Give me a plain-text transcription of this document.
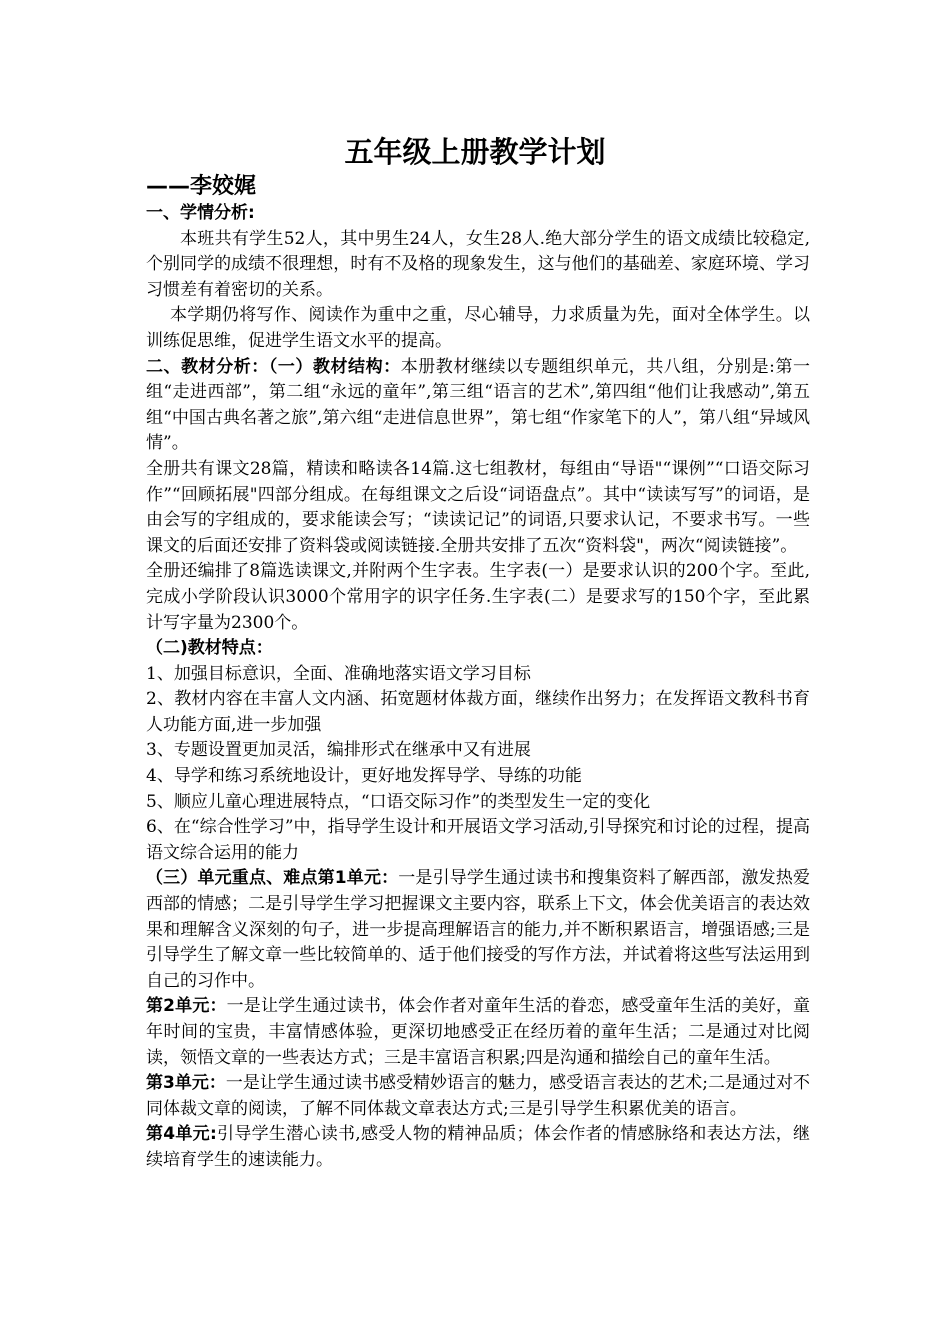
五年级上册教学计划
——李姣娓

一、学情分析:

本班共有学生52人，其中男生24人，女生28人.绝大部分学生的语文成绩比较稳定,个别同学的成绩不很理想，时有不及格的现象发生，这与他们的基础差、家庭环境、学习习惯差有着密切的关系。

本学期仍将写作、阅读作为重中之重，尽心辅导，力求质量为先，面对全体学生。以训练促思维，促进学生语文水平的提高。

二、教材分析：（一）教材结构：本册教材继续以专题组织单元，共八组，分别是:第一组“走进西部”，第二组“永远的童年”,第三组“语言的艺术”,第四组“他们让我感动”,第五组“中国古典名著之旅”,第六组“走进信息世界”，第七组“作家笔下的人”，第八组“异域风情”。

全册共有课文28篇，精读和略读各14篇.这七组教材，每组由“导语"“课例”“口语交际习作”“回顾拓展"四部分组成。在每组课文之后设“词语盘点”。其中“读读写写”的词语，是由会写的字组成的，要求能读会写；“读读记记”的词语,只要求认记，不要求书写。一些课文的后面还安排了资料袋或阅读链接.全册共安排了五次“资料袋"，两次“阅读链接”。

全册还编排了8篇选读课文,并附两个生字表。生字表(一）是要求认识的200个字。至此,完成小学阶段认识3000个常用字的识字任务.生字表(二）是要求写的150个字，至此累计写字量为2300个。

（二)教材特点：

1、加强目标意识，全面、准确地落实语文学习目标

2、教材内容在丰富人文内涵、拓宽题材体裁方面，继续作出努力；在发挥语文教科书育人功能方面,进一步加强

3、专题设置更加灵活，编排形式在继承中又有进展

4、导学和练习系统地设计，更好地发挥导学、导练的功能

5、顺应儿童心理进展特点，“口语交际习作”的类型发生一定的变化

6、在“综合性学习”中，指导学生设计和开展语文学习活动,引导探究和讨论的过程，提高语文综合运用的能力

（三）单元重点、难点第1单元：一是引导学生通过读书和搜集资料了解西部，激发热爱西部的情感；二是引导学生学习把握课文主要内容，联系上下文，体会优美语言的表达效果和理解含义深刻的句子，进一步提高理解语言的能力,并不断积累语言，增强语感;三是引导学生了解文章一些比较简单的、适于他们接受的写作方法，并试着将这些写法运用到自己的习作中。

第2单元：一是让学生通过读书，体会作者对童年生活的眷恋，感受童年生活的美好，童年时间的宝贵，丰富情感体验，更深切地感受正在经历着的童年生活；二是通过对比阅读，领悟文章的一些表达方式；三是丰富语言积累;四是沟通和描绘自己的童年生活。

第3单元：一是让学生通过读书感受精妙语言的魅力，感受语言表达的艺术;二是通过对不同体裁文章的阅读，了解不同体裁文章表达方式;三是引导学生积累优美的语言。

第4单元:引导学生潜心读书,感受人物的精神品质；体会作者的情感脉络和表达方法，继续培育学生的速读能力。
